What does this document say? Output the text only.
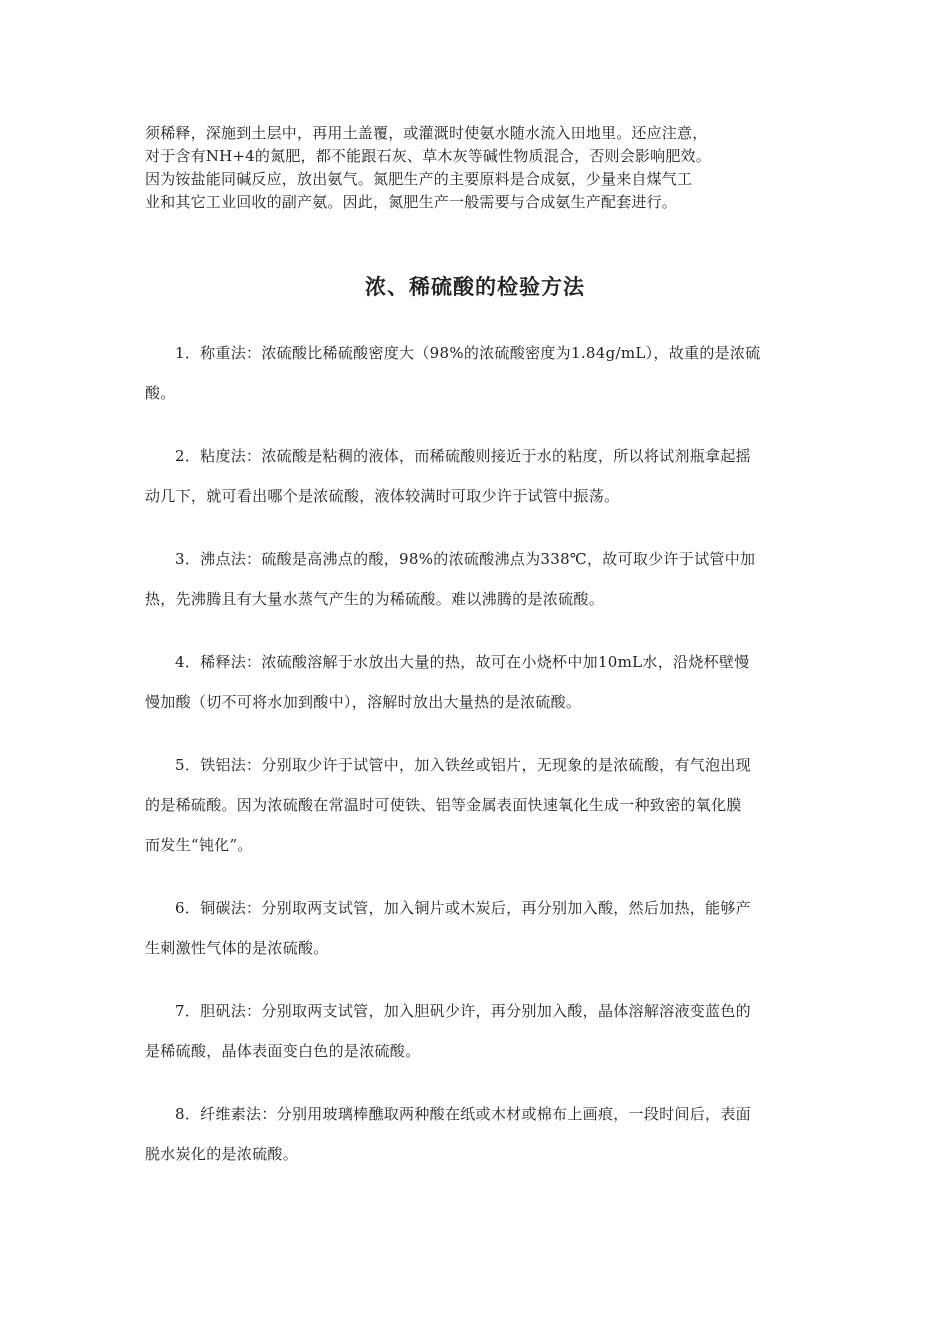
须稀释，深施到土层中，再用土盖覆，或灌溉时使氨水随水流入田地里。还应注意，
对于含有NH+4的氮肥，都不能跟石灰、草木灰等碱性物质混合，否则会影响肥效。
因为铵盐能同碱反应，放出氨气。氮肥生产的主要原料是合成氨，少量来自煤气工
业和其它工业回收的副产氨。因此，氮肥生产一般需要与合成氨生产配套进行。
浓、稀硫酸的检验方法
1．称重法：浓硫酸比稀硫酸密度大（98%的浓硫酸密度为1.84g/mL），故重的是浓硫
酸。
2．粘度法：浓硫酸是粘稠的液体，而稀硫酸则接近于水的粘度，所以将试剂瓶拿起摇
动几下，就可看出哪个是浓硫酸，液体较满时可取少许于试管中振荡。
3．沸点法：硫酸是高沸点的酸，98%的浓硫酸沸点为338℃，故可取少许于试管中加
热，先沸腾且有大量水蒸气产生的为稀硫酸。难以沸腾的是浓硫酸。
4．稀释法：浓硫酸溶解于水放出大量的热，故可在小烧杯中加10mL水，沿烧杯壁慢
慢加酸（切不可将水加到酸中），溶解时放出大量热的是浓硫酸。
5．铁铝法：分别取少许于试管中，加入铁丝或铝片，无现象的是浓硫酸，有气泡出现
的是稀硫酸。因为浓硫酸在常温时可使铁、铝等金属表面快速氧化生成一种致密的氧化膜
而发生“钝化”。
6．铜碳法：分别取两支试管，加入铜片或木炭后，再分别加入酸，然后加热，能够产
生刺激性气体的是浓硫酸。
7．胆矾法：分别取两支试管，加入胆矾少许，再分别加入酸，晶体溶解溶液变蓝色的
是稀硫酸，晶体表面变白色的是浓硫酸。
8．纤维素法：分别用玻璃棒醮取两种酸在纸或木材或棉布上画痕，一段时间后，表面
脱水炭化的是浓硫酸。
